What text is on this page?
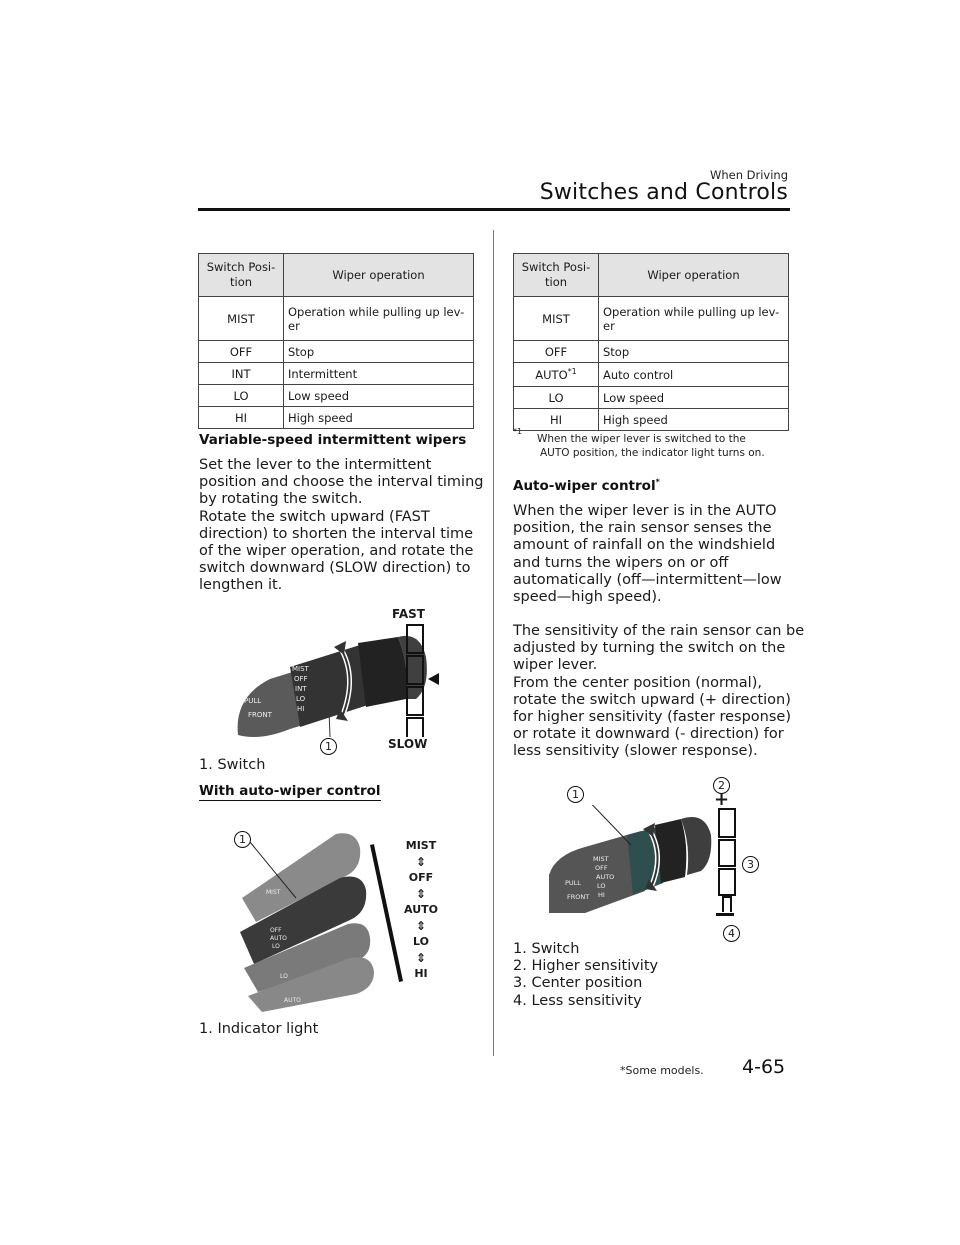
When Driving
Switches and Controls
Switch Posi-
tion	Wiper operation
MIST	Operation while pulling up lev-
er
OFF	Stop
INT	Intermittent
LO	Low speed
HI	High speed
Variable-speed intermittent wipers
Set the lever to the intermittent
position and choose the interval timing
by rotating the switch.
Rotate the switch upward (FAST
direction) to shorten the interval time
of the wiper operation, and rotate the
switch downward (SLOW direction) to
lengthen it.
MIST
OFF
INT
LO
HI
PULL
FRONT
FAST
SLOW
1
1. Switch
With auto-wiper control
MIST
OFF
AUTO
LO
LO
AUTO
1	MIST
⇕
OFF
⇕
AUTO
⇕
LO
⇕
HI
1. Indicator light
Switch Posi-
tion	Wiper operation
MIST	Operation while pulling up lev-
er
OFF	Stop
AUTO$^{*1}$	Auto control
LO	Low speed
HI	High speed
*1
When the wiper lever is switched to the
AUTO position, the indicator light turns on.
Auto-wiper control*
When the wiper lever is in the AUTO
position, the rain sensor senses the
amount of rainfall on the windshield
and turns the wipers on or off
automatically (off—intermittent—low
speed—high speed).
The sensitivity of the rain sensor can be
adjusted by turning the switch on the
wiper lever.
From the center position (normal),
rotate the switch upward (+ direction)
for higher sensitivity (faster response)
or rotate it downward (- direction) for
less sensitivity (slower response).
MIST
OFF
AUTO
LO
HI
PULL
FRONT
1
2
+
3
4
1. Switch
2. Higher sensitivity
3. Center position
4. Less sensitivity
*Some models. 4-65
